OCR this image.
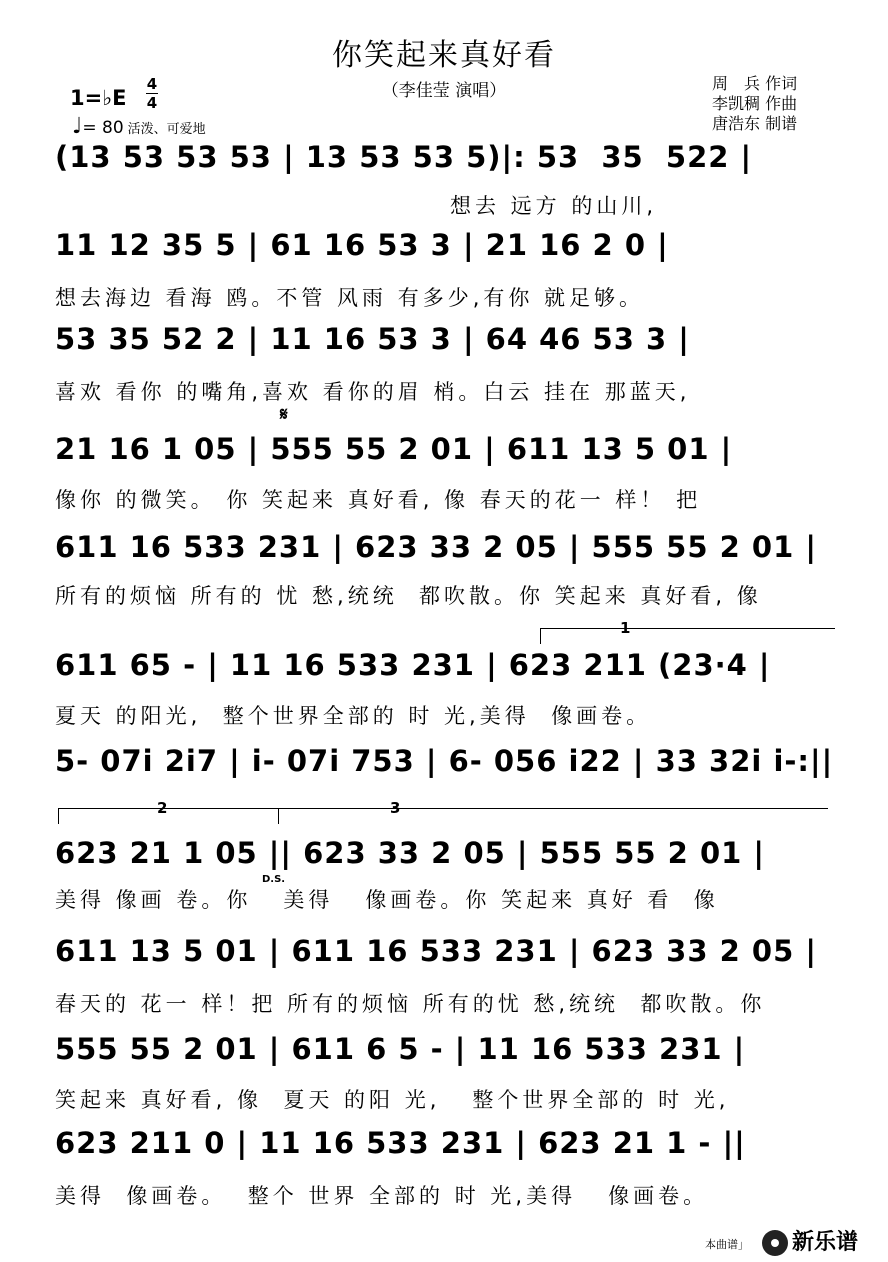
你笑起来真好看
（李佳莹 演唱）
1=♭E
4
4
♩= 80 活泼、可爱地
周　兵 作词
李凯稠 作曲
唐浩东 制谱
𝄋
1
2	3
D.S.
(13 53 53 53 | 13 53 53 5)|: 53  35  522 |
想去 远方 的山川,
11 12 35 5 | 61 16 53 3 | 21 16 2 0 |
想去海边 看海 鸥。不管 风雨 有多少,有你 就足够。
53 35 52 2 | 11 16 53 3 | 64 46 53 3 |
喜欢 看你 的嘴角,喜欢 看你的眉 梢。白云 挂在 那蓝天,
21 16 1 05 | 555 55 2 01 | 611 13 5 01 |
像你 的微笑。 你 笑起来 真好看, 像 春天的花一 样！ 把
611 16 533 231 | 623 33 2 05 | 555 55 2 01 |
所有的烦恼 所有的 忧 愁,统统  都吹散。你 笑起来 真好看, 像
611 65 - | 11 16 533 231 | 623 211 (23·4 |
夏天 的阳光,  整个世界全部的 时 光,美得  像画卷。
5- 07i 2i7 | i- 07i 753 | 6- 056 i22 | 33 32i i-:||
623 21 1 05 || 623 33 2 05 | 555 55 2 01 |
美得 像画 卷。你   美得   像画卷。你 笑起来 真好 看  像
611 13 5 01 | 611 16 533 231 | 623 33 2 05 |
春天的 花一 样！把 所有的烦恼 所有的忧 愁,统统  都吹散。你
555 55 2 01 | 611 6 5 - | 11 16 533 231 |
笑起来 真好看, 像  夏天 的阳 光,   整个世界全部的 时 光,
623 211 0 | 11 16 533 231 | 623 21 1 - ||
美得  像画卷。  整个 世界 全部的 时 光,美得   像画卷。
本曲谱」	新乐谱
